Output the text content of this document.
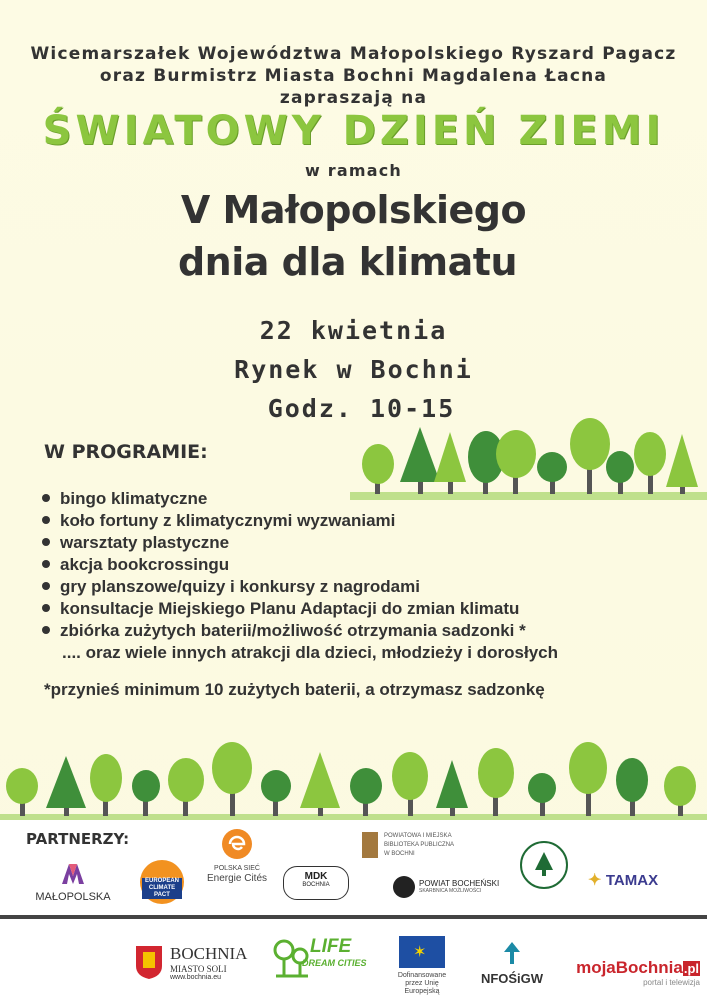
Wicemarszałek Województwa Małopolskiego Ryszard Pagacz
oraz Burmistrz Miasta Bochni Magdalena Łacna
zapraszają na
ŚWIATOWY DZIEŃ ZIEMI
w ramach
V Małopolskiego
dnia dla klimatu
22 kwietnia
Rynek w Bochni
Godz. 10-15
W PROGRAMIE:
bingo klimatyczne
koło fortuny z klimatycznymi wyzwaniami
warsztaty plastyczne
akcja bookcrossingu
gry planszowe/quizy i konkursy z nagrodami
konsultacje Miejskiego Planu Adaptacji do zmian klimatu
zbiórka zużytych baterii/możliwość otrzymania sadzonki *
.... oraz wiele innych atrakcji dla dzieci, młodzieży i dorosłych
*przynieś minimum 10 zużytych baterii, a otrzymasz sadzonkę
PARTNERZY:
MAŁOPOLSKA
EUROPEAN
CLIMATE
PACT
POLSKA SIEĆ
Energie Cités	MDK
BOCHNIA
POWIATOWA I MIEJSKA
BIBLIOTEKA PUBLICZNA
W BOCHNI
POWIAT BOCHEŃSKI
SKARBNICA MOŻLIWOŚCI
✦ TAMAX
BOCHNIA
MIASTO SOLI
www.bochnia.eu
LIFE
DREAM CITIES
✶
Dofinansowane
przez Unię Europejską
NFOŚiGW
mojaBochnia.pl
portal i telewizja
